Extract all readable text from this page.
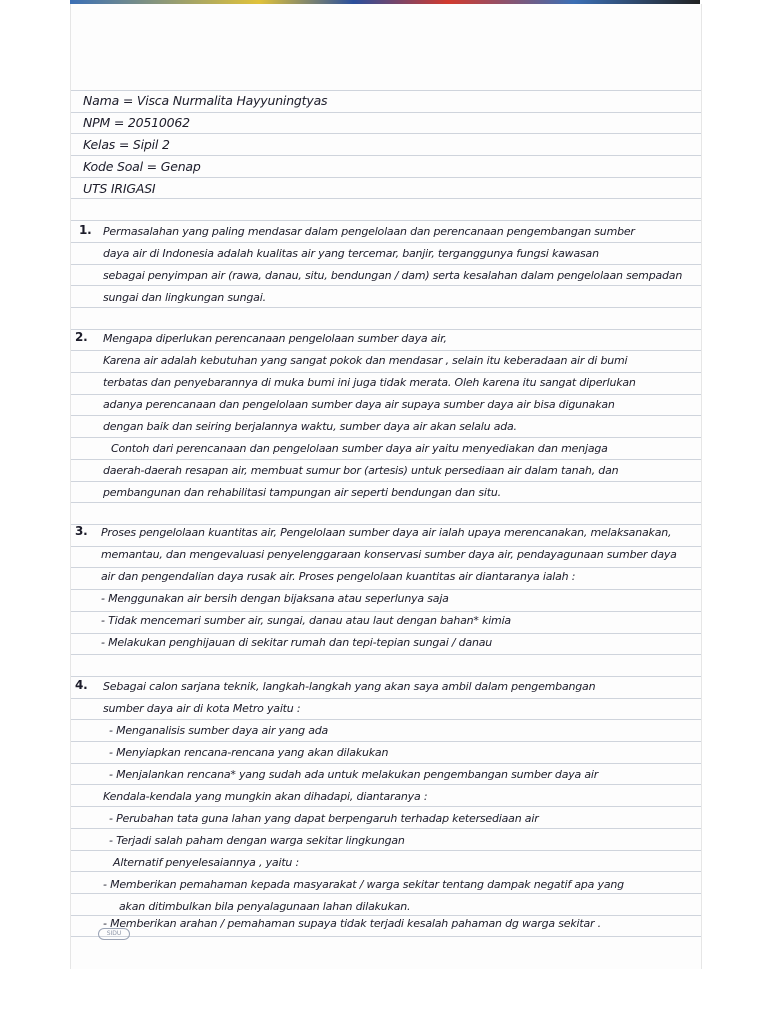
Nama = Visca Nurmalita Hayyuningtyas
NPM = 20510062
Kelas = Sipil 2
Kode Soal = Genap
UTS IRIGASI
1. Permasalahan yang paling mendasar dalam pengelolaan dan perencanaan pengembangan sumber
daya air di Indonesia adalah kualitas air yang tercemar, banjir, terganggunya fungsi kawasan
sebagai penyimpan air (rawa, danau, situ, bendungan / dam) serta kesalahan dalam pengelolaan sempadan
sungai dan lingkungan sungai.
2. Mengapa diperlukan perencanaan pengelolaan sumber daya air,
Karena air adalah kebutuhan yang sangat pokok dan mendasar , selain itu keberadaan air di bumi
terbatas dan penyebarannya di muka bumi ini juga tidak merata. Oleh karena itu sangat diperlukan
adanya perencanaan dan pengelolaan sumber daya air supaya sumber daya air bisa digunakan
dengan baik dan seiring berjalannya waktu, sumber daya air akan selalu ada.
Contoh dari perencanaan dan pengelolaan sumber daya air yaitu menyediakan dan menjaga
daerah-daerah resapan air, membuat sumur bor (artesis) untuk persediaan air dalam tanah, dan
pembangunan dan rehabilitasi tampungan air seperti bendungan dan situ.
3. Proses pengelolaan kuantitas air, Pengelolaan sumber daya air ialah upaya merencanakan, melaksanakan,
memantau, dan mengevaluasi penyelenggaraan konservasi sumber daya air, pendayagunaan sumber daya
air dan pengendalian daya rusak air. Proses pengelolaan kuantitas air diantaranya ialah :
- Menggunakan air bersih dengan bijaksana atau seperlunya saja
- Tidak mencemari sumber air, sungai, danau atau laut dengan bahan* kimia
- Melakukan penghijauan di sekitar rumah dan tepi-tepian sungai / danau
4. Sebagai calon sarjana teknik, langkah-langkah yang akan saya ambil dalam pengembangan
sumber daya air di kota Metro yaitu :
- Menganalisis sumber daya air yang ada
- Menyiapkan rencana-rencana yang akan dilakukan
- Menjalankan rencana* yang sudah ada untuk melakukan pengembangan sumber daya air
Kendala-kendala yang mungkin akan dihadapi, diantaranya :
- Perubahan tata guna lahan yang dapat berpengaruh terhadap ketersediaan air
- Terjadi salah paham dengan warga sekitar lingkungan
Alternatif penyelesaiannya , yaitu :
- Memberikan pemahaman kepada masyarakat / warga sekitar tentang dampak negatif apa yang
akan ditimbulkan bila penyalagunaan lahan dilakukan.
- Memberikan arahan / pemahaman supaya tidak terjadi kesalah pahaman dg warga sekitar .
SIDU
